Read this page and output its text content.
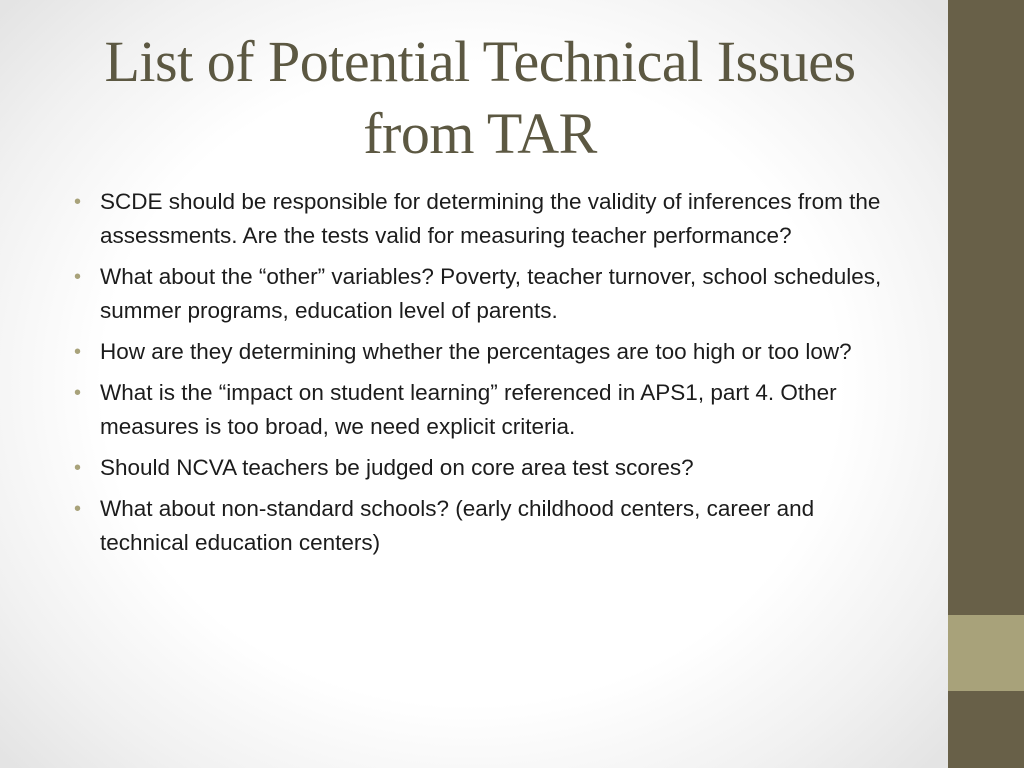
List of Potential Technical Issues from TAR
• SCDE should be responsible for determining the validity of inferences from the assessments. Are the tests valid for measuring teacher performance?
• What about the “other” variables? Poverty, teacher turnover, school schedules, summer programs, education level of parents.
• How are they determining whether the percentages are too high or too low?
• What is the “impact on student learning” referenced in APS1, part 4. Other measures is too broad, we need explicit criteria.
• Should NCVA teachers be judged on core area test scores?
• What about non-standard schools? (early childhood centers, career and technical education centers)
